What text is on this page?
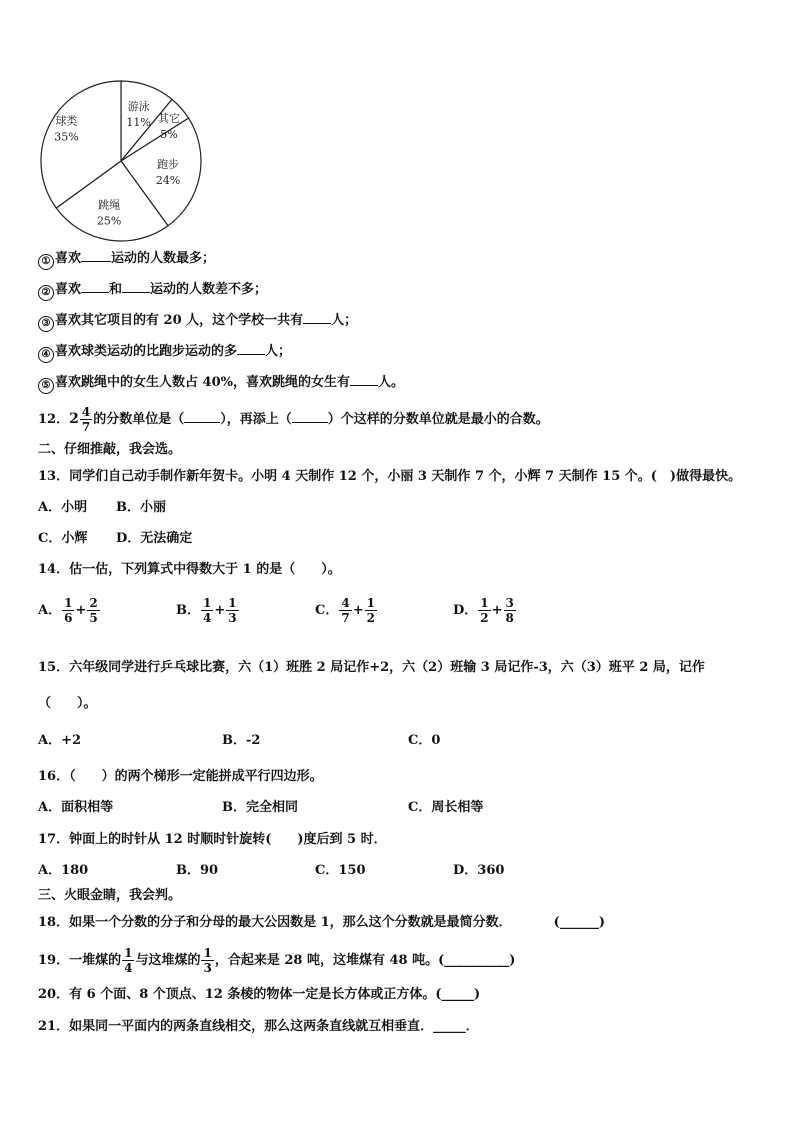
游泳
11% 其它
5%
跑步
24%
跳绳
25%
球类
35%
① 喜欢 运动的人数最多；
② 喜欢 和 运动的人数差不多；
③ 喜欢其它项目的有 20 人，这个学校一共有 人；
④ 喜欢球类运动的比跑步运动的多 人；
⑤ 喜欢跳绳中的女生人数占 40%，喜欢跳绳的女生有 人。
12．$2 \frac{4}{7}$ 的分数单位是（	），再添上（	）个这样的分数单位就是最小的合数。
二、仔细推敲，我会选。
13．同学们自己动手制作新年贺卡。小明 4 天制作 12 个，小丽 3 天制作 7 个，小辉 7 天制作 15 个。(　)做得最快。
A．小明 B．小丽
C．小辉 D．无法确定
14．估一估，下列算式中得数大于 1 的是（　　）。
A． $\frac{1}{6} + \frac{2}{5}$	B． $\frac{1}{4} + \frac{1}{3}$	C． $\frac{4}{7} + \frac{1}{2}$	D． $\frac{1}{2} + \frac{3}{8}$
15．六年级同学进行乒乓球比赛，六（1）班胜 2 局记作+2，六（2）班输 3 局记作-3，六（3）班平 2 局，记作
（　　）。
A．+2	B．-2	C．0
16．（　　）的两个梯形一定能拼成平行四边形。
A．面积相等	B．完全相同	C．周长相等
17．钟面上的时针从 12 时顺时针旋转(　　)度后到 5 时．
A．180	B．90	C．150	D．360
三、火眼金睛，我会判。
18．如果一个分数的分子和分母的最大公因数是 1，那么这个分数就是最简分数．	(______)
19．一堆煤的 $\frac{1}{4}$ 与这堆煤的 $\frac{1}{3}$ ，合起来是 28 吨，这堆煤有 48 吨。(__________)
20．有 6 个面、8 个顶点、12 条棱的物体一定是长方体或正方体。(_____)
21．如果同一平面内的两条直线相交，那么这两条直线就互相垂直．_____．
